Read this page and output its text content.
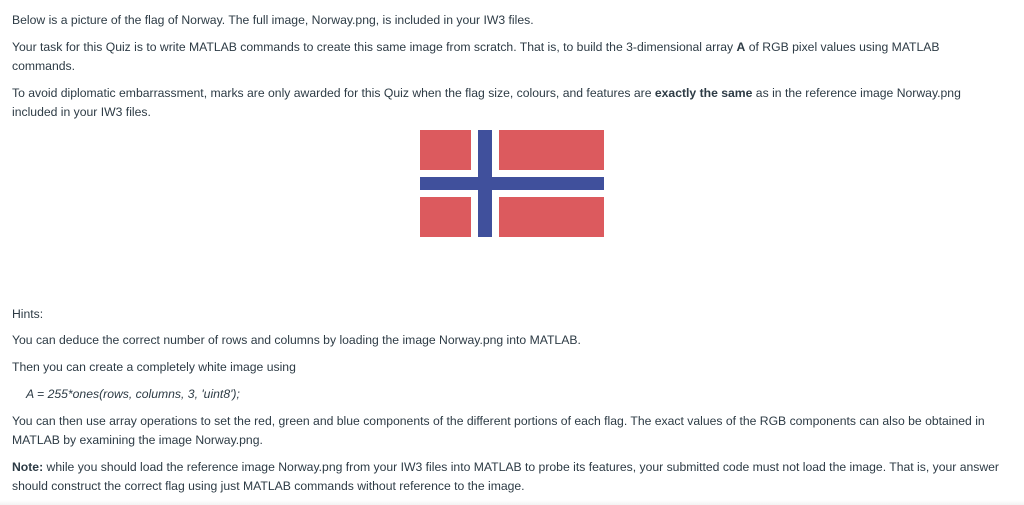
Below is a picture of the flag of Norway. The full image, Norway.png, is included in your IW3 files.

Your task for this Quiz is to write MATLAB commands to create this same image from scratch. That is, to build the 3-dimensional array A of RGB pixel values using MATLAB commands.

To avoid diplomatic embarrassment, marks are only awarded for this Quiz when the flag size, colours, and features are exactly the same as in the reference image Norway.png included in your IW3 files.

Hints:

You can deduce the correct number of rows and columns by loading the image Norway.png into MATLAB.

Then you can create a completely white image using

A = 255*ones(rows, columns, 3, 'uint8');

You can then use array operations to set the red, green and blue components of the different portions of each flag. The exact values of the RGB components can also be obtained in MATLAB by examining the image Norway.png.

Note: while you should load the reference image Norway.png from your IW3 files into MATLAB to probe its features, your submitted code must not load the image. That is, your answer should construct the correct flag using just MATLAB commands without reference to the image.
